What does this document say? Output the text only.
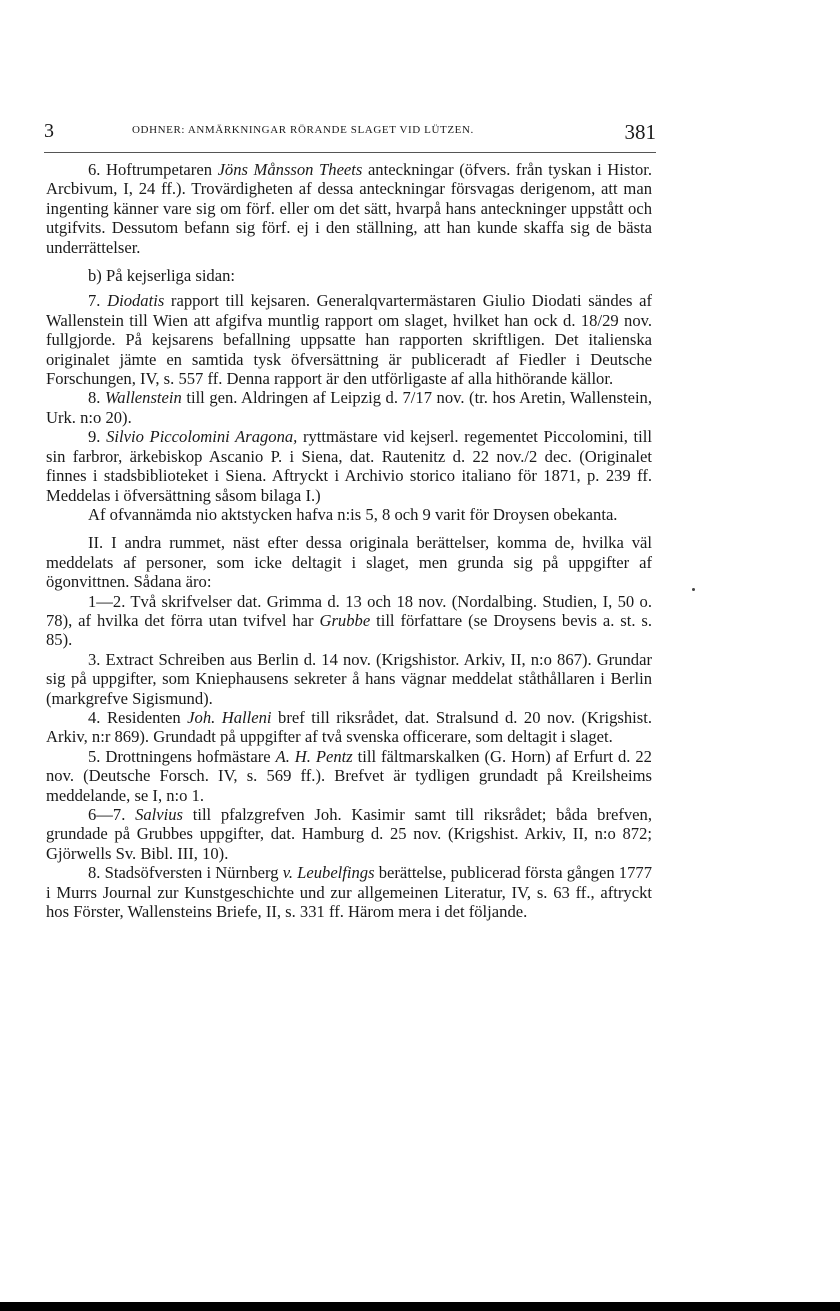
3	ODHNER: ANMÄRKNINGAR RÖRANDE SLAGET VID LÜTZEN.	381

6. Hoftrumpetaren Jöns Månsson Theets anteckningar (öfvers. från tyskan i Histor. Arcbivum, I, 24 ff.). Trovärdigheten af dessa anteckningar försvagas derigenom, att man ingenting känner vare sig om förf. eller om det sätt, hvarpå hans anteckninger uppstått och utgifvits. Dessutom befann sig förf. ej i den ställning, att han kunde skaffa sig de bästa underrättelser.

b) På kejserliga sidan:

7. Diodatis rapport till kejsaren. Generalqvartermästaren Giulio Diodati sändes af Wallenstein till Wien att afgifva muntlig rapport om slaget, hvilket han ock d. 18/29 nov. fullgjorde. På kejsarens befallning uppsatte han rapporten skriftligen. Det italienska originalet jämte en samtida tysk öfversättning är publiceradt af Fiedler i Deutsche Forschungen, IV, s. 557 ff. Denna rapport är den utförligaste af alla hithörande källor.

8. Wallenstein till gen. Aldringen af Leipzig d. 7/17 nov. (tr. hos Aretin, Wallenstein, Urk. n:o 20).

9. Silvio Piccolomini Aragona, ryttmästare vid kejserl. regementet Piccolomini, till sin farbror, ärkebiskop Ascanio P. i Siena, dat. Rautenitz d. 22 nov./2 dec. (Originalet finnes i stadsbiblioteket i Siena. Aftryckt i Archivio storico italiano för 1871, p. 239 ff. Meddelas i öfversättning såsom bilaga I.)

Af ofvannämda nio aktstycken hafva n:is 5, 8 och 9 varit för Droysen obekanta.

II. I andra rummet, näst efter dessa originala berättelser, komma de, hvilka väl meddelats af personer, som icke deltagit i slaget, men grunda sig på uppgifter af ögonvittnen. Sådana äro:

1—2. Två skrifvelser dat. Grimma d. 13 och 18 nov. (Nordalbing. Studien, I, 50 o. 78), af hvilka det förra utan tvifvel har Grubbe till författare (se Droysens bevis a. st. s. 85).

3. Extract Schreiben aus Berlin d. 14 nov. (Krigshistor. Arkiv, II, n:o 867). Grundar sig på uppgifter, som Kniephausens sekreter å hans vägnar meddelat ståthållaren i Berlin (markgrefve Sigismund).

4. Residenten Joh. Halleni bref till riksrådet, dat. Stralsund d. 20 nov. (Krigshist. Arkiv, n:r 869). Grundadt på uppgifter af två svenska officerare, som deltagit i slaget.

5. Drottningens hofmästare A. H. Pentz till fältmarskalken (G. Horn) af Erfurt d. 22 nov. (Deutsche Forsch. IV, s. 569 ff.). Brefvet är tydligen grundadt på Kreilsheims meddelande, se I, n:o 1.

6—7. Salvius till pfalzgrefven Joh. Kasimir samt till riksrådet; båda brefven, grundade på Grubbes uppgifter, dat. Hamburg d. 25 nov. (Krigshist. Arkiv, II, n:o 872; Gjörwells Sv. Bibl. III, 10).

8. Stadsöfversten i Nürnberg v. Leubelfings berättelse, publicerad första gången 1777 i Murrs Journal zur Kunstgeschichte und zur allgemeinen Literatur, IV, s. 63 ff., aftryckt hos Förster, Wallensteins Briefe, II, s. 331 ff. Härom mera i det följande.
